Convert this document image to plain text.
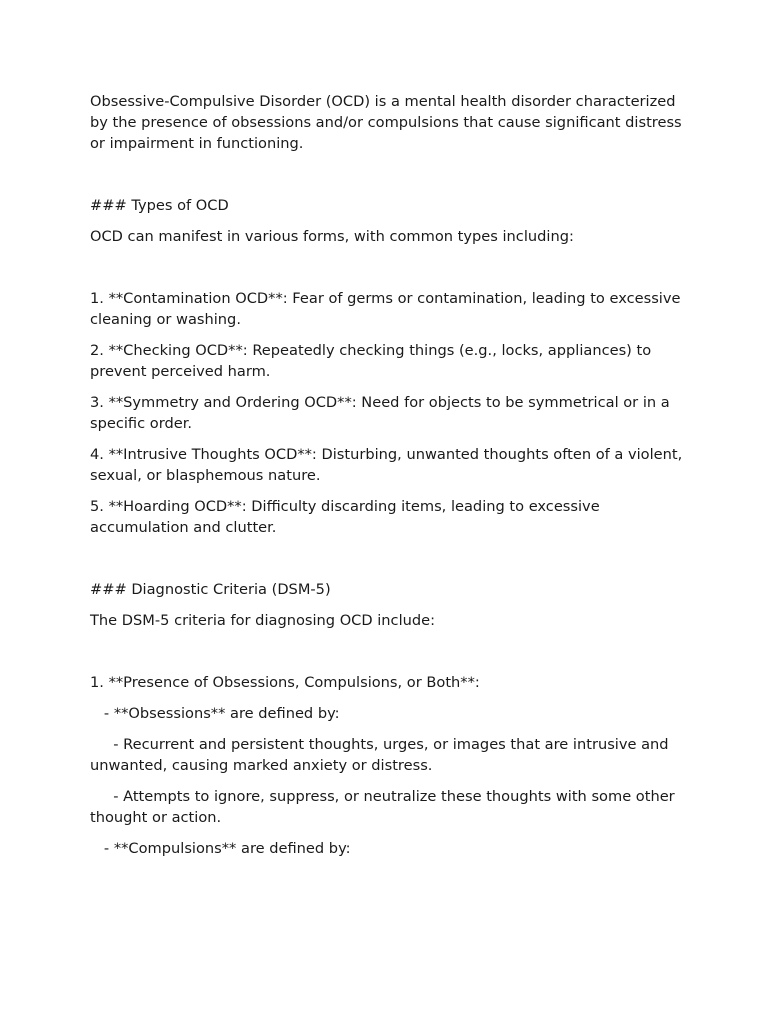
Obsessive-Compulsive Disorder (OCD) is a mental health disorder characterized by the presence of obsessions and/or compulsions that cause significant distress or impairment in functioning.

### Types of OCD

OCD can manifest in various forms, with common types including:

1. **Contamination OCD**: Fear of germs or contamination, leading to excessive cleaning or washing.

2. **Checking OCD**: Repeatedly checking things (e.g., locks, appliances) to prevent perceived harm.

3. **Symmetry and Ordering OCD**: Need for objects to be symmetrical or in a specific order.

4. **Intrusive Thoughts OCD**: Disturbing, unwanted thoughts often of a violent, sexual, or blasphemous nature.

5. **Hoarding OCD**: Difficulty discarding items, leading to excessive accumulation and clutter.

### Diagnostic Criteria (DSM-5)

The DSM-5 criteria for diagnosing OCD include:

1. **Presence of Obsessions, Compulsions, or Both**:

- **Obsessions** are defined by:

- Recurrent and persistent thoughts, urges, or images that are intrusive and unwanted, causing marked anxiety or distress.

- Attempts to ignore, suppress, or neutralize these thoughts with some other thought or action.

- **Compulsions** are defined by:
